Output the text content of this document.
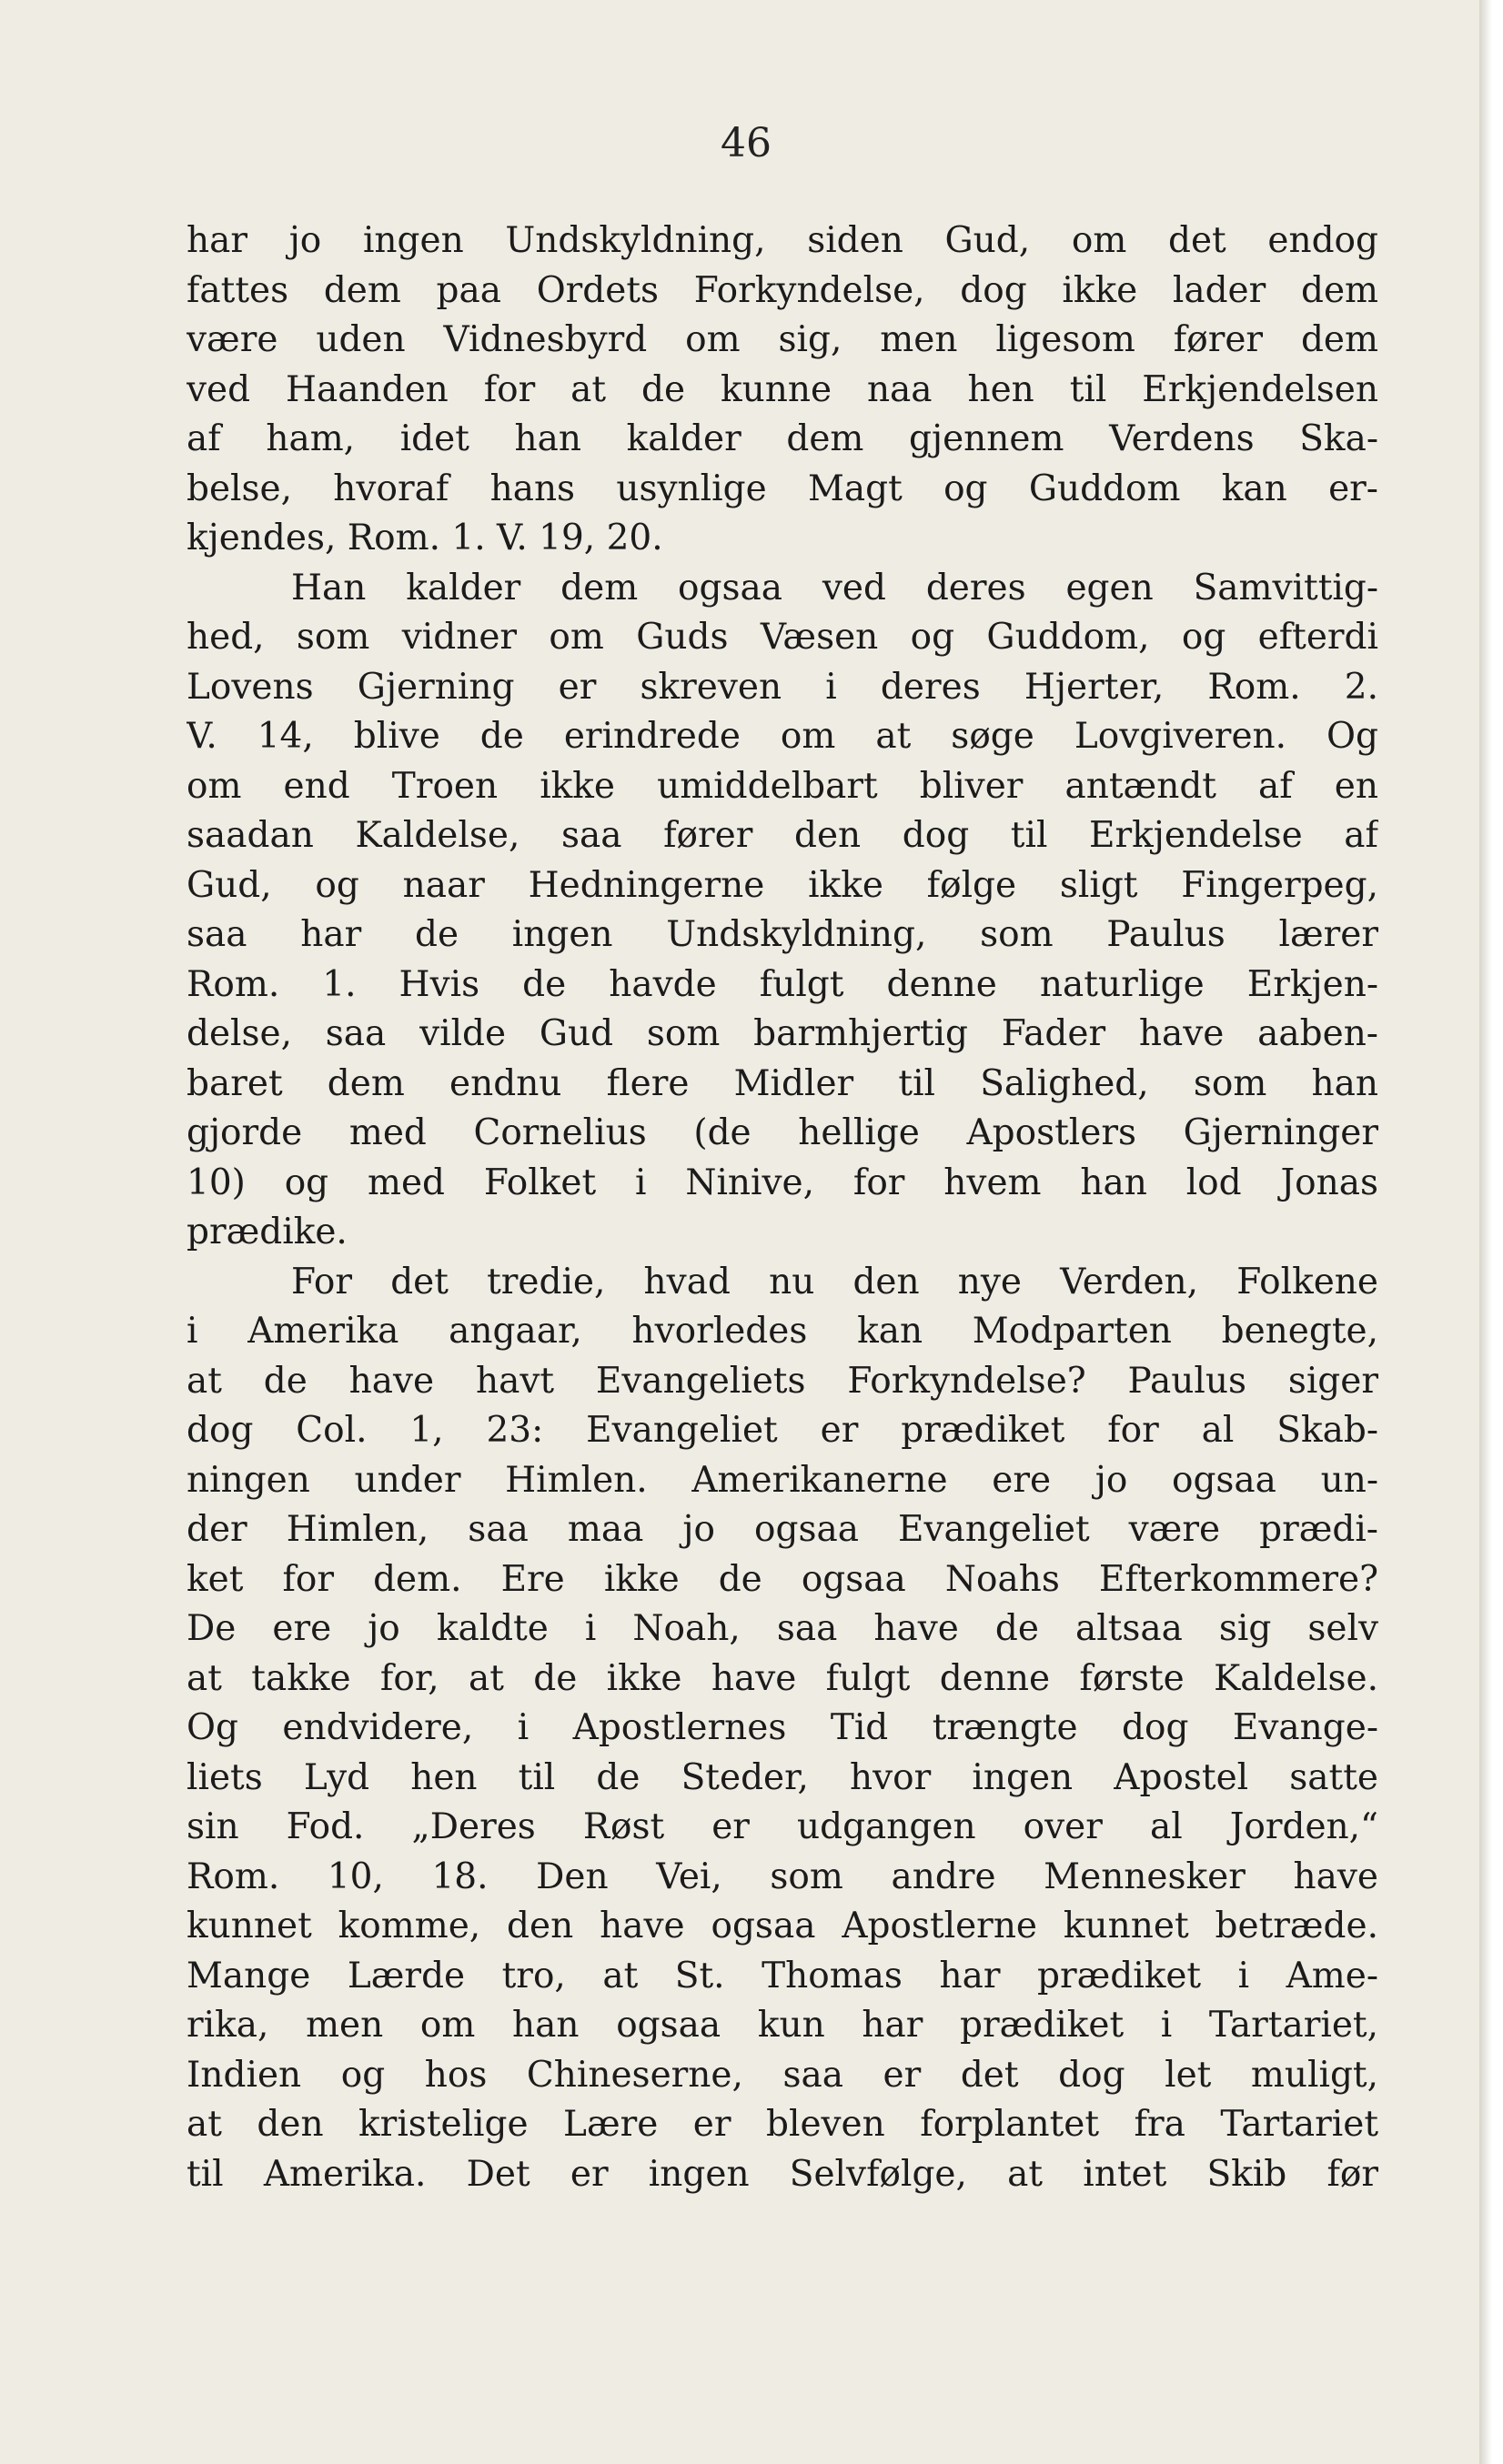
46
har jo ingen Undskyldning, siden Gud, om det endog
fattes dem paa Ordets Forkyndelse, dog ikke lader dem
være uden Vidnesbyrd om sig, men ligesom fører dem
ved Haanden for at de kunne naa hen til Erkjendelsen
af ham, idet han kalder dem gjennem Verdens Ska-
belse, hvoraf hans usynlige Magt og Guddom kan er-
kjendes, Rom. 1. V. 19, 20.
Han kalder dem ogsaa ved deres egen Samvittig-
hed, som vidner om Guds Væsen og Guddom, og efterdi
Lovens Gjerning er skreven i deres Hjerter, Rom. 2.
V. 14, blive de erindrede om at søge Lovgiveren. Og
om end Troen ikke umiddelbart bliver antændt af en
saadan Kaldelse, saa fører den dog til Erkjendelse af
Gud, og naar Hedningerne ikke følge sligt Fingerpeg,
saa har de ingen Undskyldning, som Paulus lærer
Rom. 1. Hvis de havde fulgt denne naturlige Erkjen-
delse, saa vilde Gud som barmhjertig Fader have aaben-
baret dem endnu flere Midler til Salighed, som han
gjorde med Cornelius (de hellige Apostlers Gjerninger
10) og med Folket i Ninive, for hvem han lod Jonas
prædike.
For det tredie, hvad nu den nye Verden, Folkene
i Amerika angaar, hvorledes kan Modparten benegte,
at de have havt Evangeliets Forkyndelse? Paulus siger
dog Col. 1, 23: Evangeliet er prædiket for al Skab-
ningen under Himlen. Amerikanerne ere jo ogsaa un-
der Himlen, saa maa jo ogsaa Evangeliet være prædi-
ket for dem. Ere ikke de ogsaa Noahs Efterkommere?
De ere jo kaldte i Noah, saa have de altsaa sig selv
at takke for, at de ikke have fulgt denne første Kaldelse.
Og endvidere, i Apostlernes Tid trængte dog Evange-
liets Lyd hen til de Steder, hvor ingen Apostel satte
sin Fod. „Deres Røst er udgangen over al Jorden,“
Rom. 10, 18. Den Vei, som andre Mennesker have
kunnet komme, den have ogsaa Apostlerne kunnet betræde.
Mange Lærde tro, at St. Thomas har prædiket i Ame-
rika, men om han ogsaa kun har prædiket i Tartariet,
Indien og hos Chineserne, saa er det dog let muligt,
at den kristelige Lære er bleven forplantet fra Tartariet
til Amerika. Det er ingen Selvfølge, at intet Skib før
